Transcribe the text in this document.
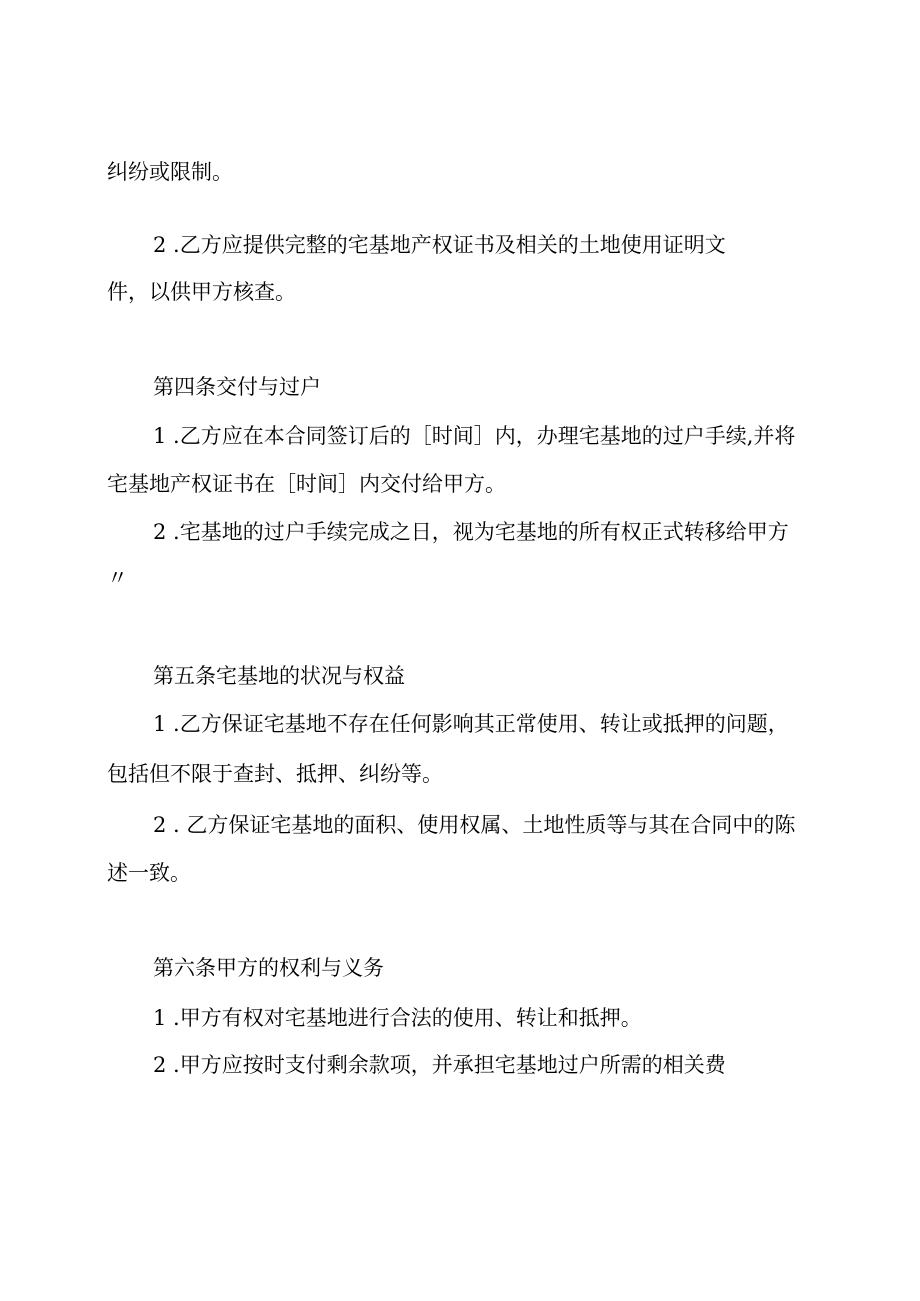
纠纷或限制。
2 .乙方应提供完整的宅基地产权证书及相关的土地使用证明文
件，以供甲方核查。
第四条交付与过户
1 .乙方应在本合同签订后的［时间］内，办理宅基地的过户手续,并将
宅基地产权证书在［时间］内交付给甲方。
2 .宅基地的过户手续完成之日，视为宅基地的所有权正式转移给甲方
〃
第五条宅基地的状况与权益
1 .乙方保证宅基地不存在任何影响其正常使用、转让或抵押的问题，
包括但不限于查封、抵押、纠纷等。
2 . 乙方保证宅基地的面积、使用权属、土地性质等与其在合同中的陈
述一致。
第六条甲方的权利与义务
1 .甲方有权对宅基地进行合法的使用、转让和抵押。
2 .甲方应按时支付剩余款项，并承担宅基地过户所需的相关费
